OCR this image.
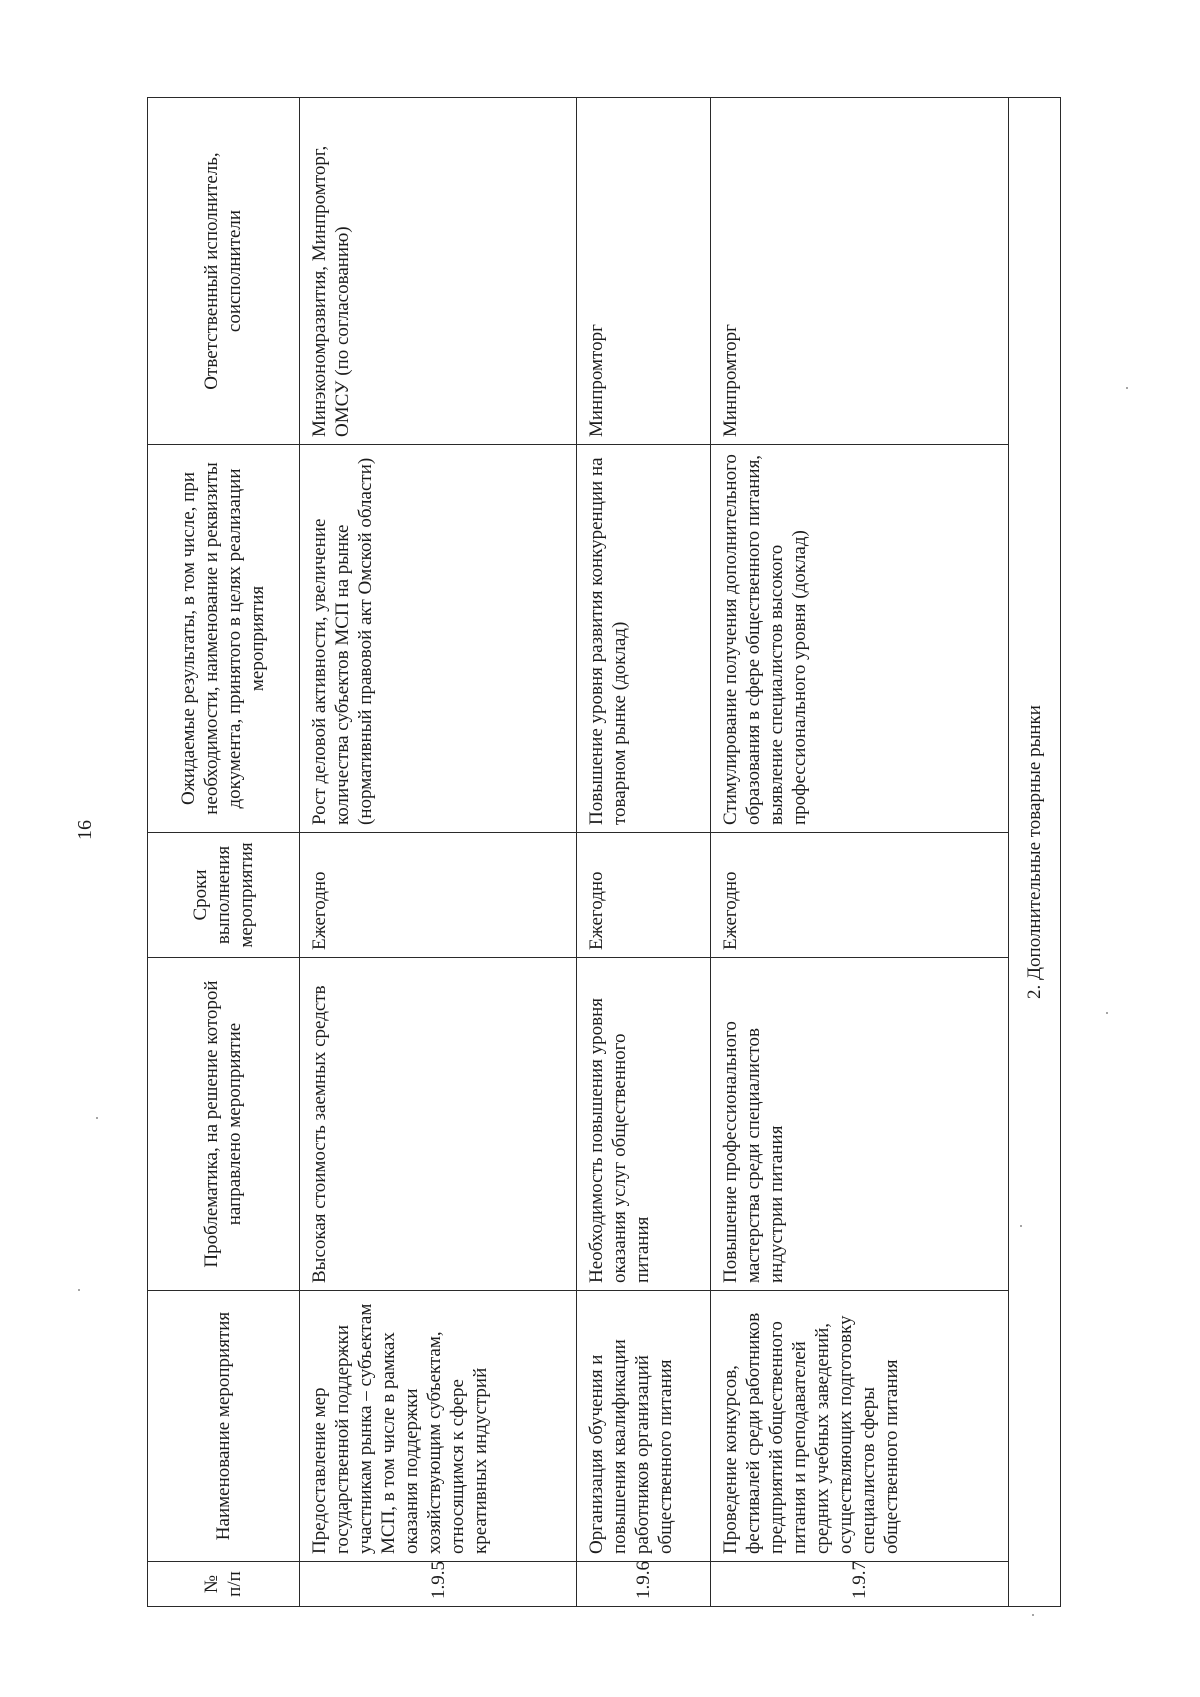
16
№ п/п	Наименование мероприятия	Проблематика, на решение которой направлено мероприятие	Сроки выполнения мероприятия	Ожидаемые результаты, в том числе, при необходимости, наименование и реквизиты документа, принятого в целях реализации мероприятия	Ответственный исполнитель, соисполнители
1.9.5	Предоставление мер государственной поддержки участникам рынка – субъектам МСП, в том числе в рамках оказания поддержки хозяйствующим субъектам, относящимся к сфере креативных индустрий	Высокая стоимость заемных средств	Ежегодно	Рост деловой активности, увеличение количества субъектов МСП на рынке (нормативный правовой акт Омской области)	Минэкономразвития, Минпромторг, ОМСУ (по согласованию)
1.9.6	Организация обучения и повышения квалификации работников организаций общественного питания	Необходимость повышения уровня оказания услуг общественного питания	Ежегодно	Повышение уровня развития конкуренции на товарном рынке (доклад)	Минпромторг
1.9.7	Проведение конкурсов, фестивалей среди работников предприятий общественного питания и преподавателей средних учебных заведений, осуществляющих подготовку специалистов сферы общественного питания	Повышение профессионального мастерства среди специалистов индустрии питания	Ежегодно	Стимулирование получения дополнительного образования в сфере общественного питания, выявление специалистов высокого профессионального уровня (доклад)	Минпромторг
2. Дополнительные товарные рынки					
